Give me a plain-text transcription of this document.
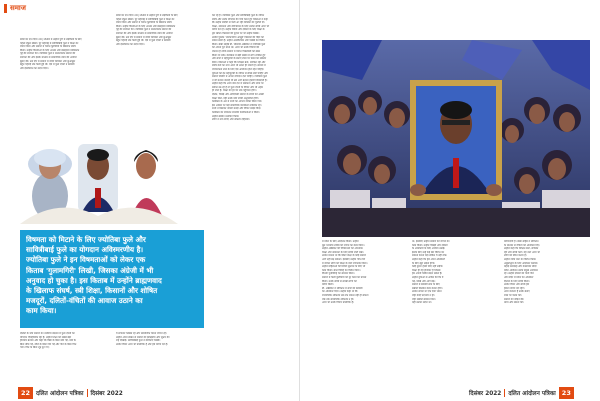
समाज
छात्रों का दान दिया। सन् 1848 में उन्होंने पुणे में लड़कियों के लिए
पहला स्कूल खोला। पूरे महाराष्ट्र में सावित्रीबाई फुले ने शिक्षा का
प्रचार किया और समाज में व्याप्त कुरीतियों के खिलाफ संघर्ष
किया। उन्होंने विधवाओं के लिए आश्रम और बालहत्या प्रतिबंधक
गृह की स्थापना की। ज्योतिबा फुले ने सत्यशोधक समाज की
स्थापना की और इसके माध्यम से सामाजिक न्याय की आवाज
बुलंद की। उस दौर में समाज में जाति व्यवस्था और छुआछूत
बहुत गहराई तक फैली हुई थी। ऐसे में फुले दंपती ने बराबरी
और इंसानियत का संदेश दिया।
छात्रों का दान दिया। सन् 1848 में उन्होंने पुणे में लड़कियों के लिए
पहला स्कूल खोला। पूरे महाराष्ट्र में सावित्रीबाई फुले ने शिक्षा का
प्रचार किया और समाज में व्याप्त कुरीतियों के खिलाफ संघर्ष
किया। उन्होंने विधवाओं के लिए आश्रम और बालहत्या प्रतिबंधक
गृह की स्थापना की। ज्योतिबा फुले ने सत्यशोधक समाज की
स्थापना की और इसके माध्यम से सामाजिक न्याय की आवाज
बुलंद की। उस दौर में समाज में जाति व्यवस्था और छुआछूत
बहुत गहराई तक फैली हुई थी। ऐसे में फुले दंपती ने बराबरी
और इंसानियत का संदेश दिया।
कर रहे हैं। ज्योतिबा फुले और सावित्रीबाई फुले के जीवन
संघर्ष और उनके योगदान की चर्चा करते हुए वक्ताओं ने कहा
कि उन्होंने सदियों से चली आ रही व्यवस्था को चुनौती दी।
शिक्षा, समानता और स्वाभिमान के लिए उनका संघर्ष आज भी
प्रेरणा देता है। उन्होंने स्त्रियों और दलितों के लिए शिक्षा के
द्वार खोले। किसानों की दुर्दशा पर भी उन्होंने लिखा।
उनकी पुस्तक 'शेतकऱ्यांचा आसूड' किसानों की पीड़ा को
सामने लाती है। उन्होंने अंधविश्वास और पाखंड का विरोध
किया। बाबा साहेब डॉ. भीमराव अंबेडकर ने ज्योतिबा फुले
को अपना गुरु माना था। आज भी उनके विचारों की
जरूरत है ताकि समाज में व्याप्त गैरबराबरी को खत्म
किया जा सके। कार्यक्रम में बड़ी संख्या में लोग शामिल हुए
और सभी ने महापुरुषों के बताए रास्ते पर चलने का संकल्प
लिया। वक्ताओं ने कहा कि शिक्षित बनो, संगठित रहो और
संघर्ष करो का नारा आज भी उतना ही जरूरी है। समाज में
जागरूकता लाने के लिए ऐसे आयोजन होते रहने चाहिए।
युवाओं को इन महापुरुषों के जीवन से सीख लेनी चाहिए और
समाज निर्माण में अपना योगदान देना चाहिए। ज्योतिबा फुले
ने जो मशाल जलाई थी उसे आगे बढ़ाना हमारी जिम्मेदारी है।
उन्होंने कहा कि आज जब देश में समानता और न्याय पर
सवाल उठ रहे हैं तो फुले दंपती के विचार और भी अहम
हो जाते हैं। शिक्षा को हर घर तक पहुंचाना होगा।
दलित, पिछड़े और आदिवासी समाज के बच्चों को अच्छी
शिक्षा मिले, यही उनके प्रति सच्ची श्रद्धांजलि होगी।
कार्यक्रम के अंत में सभी का आभार व्यक्त किया गया।
इस अवसर पर कई सामाजिक कार्यकर्ता उपस्थित रहे।
सभी ने मिलकर जयंती मनाई और विचार साझा किए।
कार्यक्रम का संचालन स्थानीय कार्यकर्ताओं ने किया।
उन्होंने सबका धन्यवाद किया।
लोगों ने नारे लगाए और संकल्प दोहराया।
विषमता को मिटाने के लिए ज्योतिबा फुले और
सावित्रीबाई फुले का योगदान अविस्मरणीय है।
ज्योतिबा फुले ने इन विषमताओं को लेकर एक
किताब 'गुलामगिरी' लिखी, जिसका अंग्रेजी में भी
अनुवाद हो चुका है। इस किताब में उन्होंने ब्राह्मणवाद
के खिलाफ संघर्ष, स्त्री शिक्षा, किसानों और शोषित
मजदूरों, दलितों-वंचितों की आवाज उठाने का
काम किया।
दलितों के प्रति समाज का नजरिया बदलने में फुले दंपती का
योगदान ऐतिहासिक रहा है। उन्होंने शिक्षा को सबसे बड़ा
हथियार बताया और कहा कि विद्या के बिना मति गई, मति के
बिना नीति गई, नीति के बिना गति गई और गति के बिना वित्त
गया। वित्त के बिना शूद्र टूट गए।
वे लगातार लिखते रहे और सामाजिक चेतना जगाते रहे।
उन्होंने अपने लेखन से समाज को झकझोरा और सुधार की
राह दिखाई। सावित्रीबाई फुले ने कविताएं लिखीं।
उनके विचार आज भी प्रासंगिक हैं और हमें प्रेरणा देते हैं।
22	दलित आंदोलन पत्रिका	दिसंबर 2022
में प्रवेश के लिए आंदोलन किया। उन्होंने
मूल भारतीय शक्ति को जगाने का काम किया।
उन्होंने अंबेडकर की विचारधारा को अपनाया।
शिक्षा और समानता के लिए संघर्ष जारी रखा।
उनका मानना था कि बिना शिक्षा के कोई समाज
आगे नहीं बढ़ सकता। इसलिए उन्होंने गांव-गांव
में जाकर लोगों को शिक्षा के प्रति जागरूक किया।
उन्होंने महिलाओं की स्थिति सुधारने के लिए भी
काम किया। बाल विवाह का विरोध किया।
विधवा पुनर्विवाह का समर्थन किया।
समाज में फैली कुरीतियों को दूर करने का प्रयास
किया। उनके संघर्ष से लाखों लोगों को
प्रेरणा मिली।
डॉ. अंबेडकर ने संविधान में सभी को बराबरी
का अधिकार दिया। उन्होंने कहा था कि
राजनीतिक लोकतंत्र तब तक सफल नहीं हो सकता
जब तक सामाजिक लोकतंत्र न हो।
आज भी उनके विचार प्रासंगिक हैं।
था, इसलिए उन्होंने समाज को जगाने का
काम किया। उन्होंने पिछड़ों और दलितों
के अधिकारों के लिए आवाज उठाई।
इसके लिए उन्हें कई बार विरोध का
सामना करना पड़ा लेकिन वे नहीं रुके।
उन्होंने कहा कि हमें अपने अधिकारों
के लिए खुद लड़ना होगा।
कोई दूसरा हमारे लिए नहीं लड़ेगा।
शिक्षा ही वह हथियार है जिससे
हम अपनी स्थिति बदल सकते हैं।
उन्होंने युवाओं से अपील की कि वे
पढ़ें, लिखें और आगे बढ़ें।
समाज में बराबरी लाने के लिए
सबको मिलकर काम करना होगा।
उनका सपना था एक ऐसा भारत
जहां कोई भेदभाव न हो।
जहां सबको सम्मान मिले।
यही उनका संदेश था।
प्रेरणादायी है। बाबा साहेब ने संविधान
के माध्यम से वंचितों को अधिकार दिए।
उन्होंने कहा कि शिक्षित बनो, संगठित
रहो और संघर्ष करो। यह नारा आज भी
लोगों को प्रेरित करता है।
उन्होंने जाति प्रथा का विरोध किया।
अछूतोद्धार के लिए आंदोलन चलाया।
महाड़ सत्याग्रह और कालाराम मंदिर
प्रवेश आंदोलन उनके प्रमुख आंदोलन
रहे। उन्होंने दलितों को पानी पीने
और मंदिर में प्रवेश का अधिकार
दिलाने के लिए संघर्ष किया।
उनके विचार और संघर्ष हमें
हमेशा प्रेरणा देते रहेंगे।
आज जरूरत है उनके बताए
रास्ते पर चलने की।
समाज को जोड़ने की।
न्याय और समता की।
दिसंबर 2022	दलित आंदोलन पत्रिका 23
